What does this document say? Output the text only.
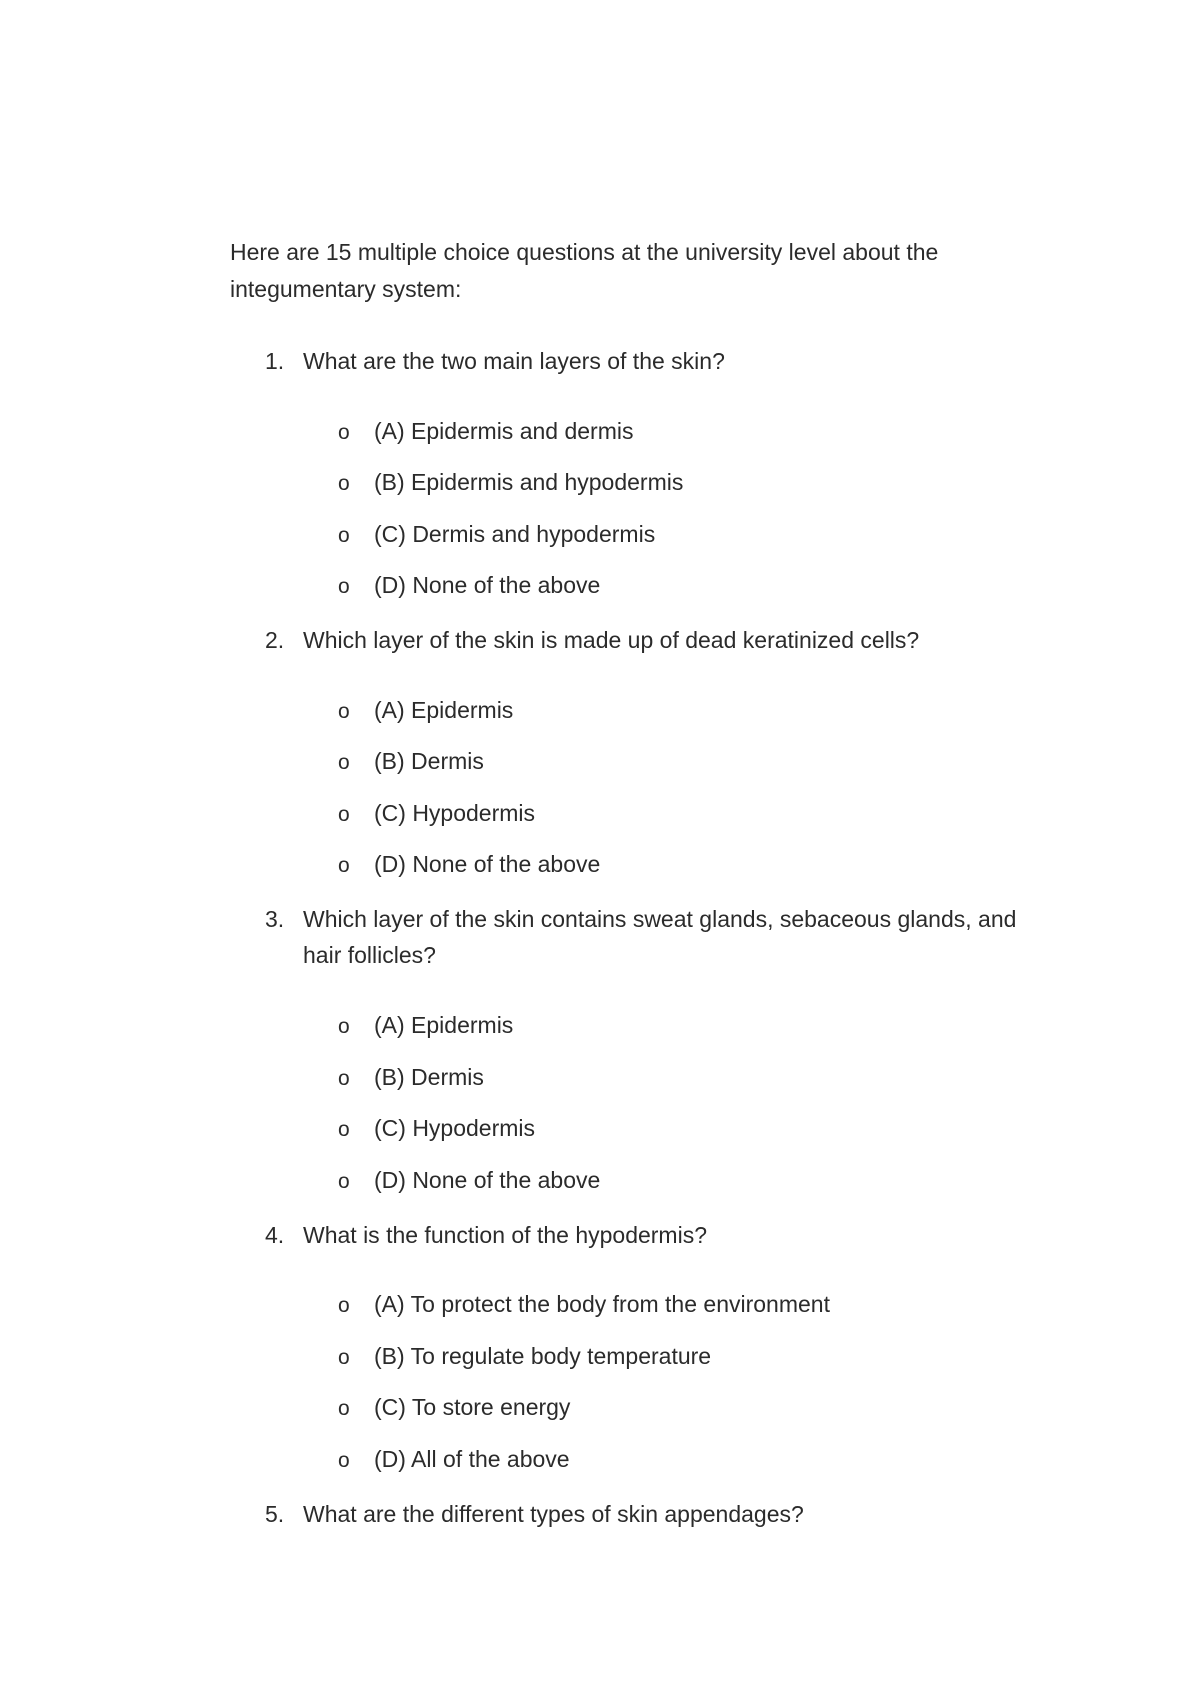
Here are 15 multiple choice questions at the university level about the integumentary system:
1. What are the two main layers of the skin?
o (A) Epidermis and dermis
o (B) Epidermis and hypodermis
o (C) Dermis and hypodermis
o (D) None of the above
2. Which layer of the skin is made up of dead keratinized cells?
o (A) Epidermis
o (B) Dermis
o (C) Hypodermis
o (D) None of the above
3. Which layer of the skin contains sweat glands, sebaceous glands, and hair follicles?
o (A) Epidermis
o (B) Dermis
o (C) Hypodermis
o (D) None of the above
4. What is the function of the hypodermis?
o (A) To protect the body from the environment
o (B) To regulate body temperature
o (C) To store energy
o (D) All of the above
5. What are the different types of skin appendages?
